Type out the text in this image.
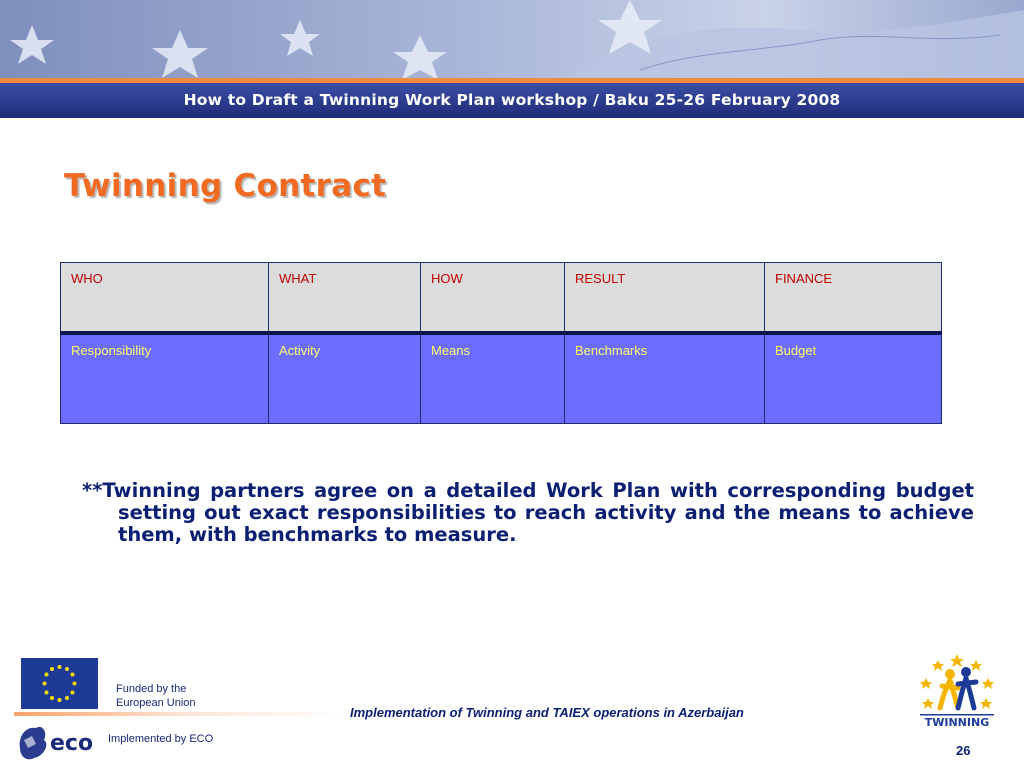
How to Draft a Twinning Work Plan workshop / Baku 25-26 February 2008
Twinning Contract
WHO	WHAT	HOW	RESULT	FINANCE
Responsibility	Activity	Means	Benchmarks	Budget

**Twinning partners agree on a detailed Work Plan with corresponding budget setting out exact responsibilities to reach activity and the means to achieve them, with benchmarks to measure.

Funded by the
European Union
Implementation of Twinning and TAIEX operations in Azerbaijan
eco Implemented by ECO
TWINNING
26
